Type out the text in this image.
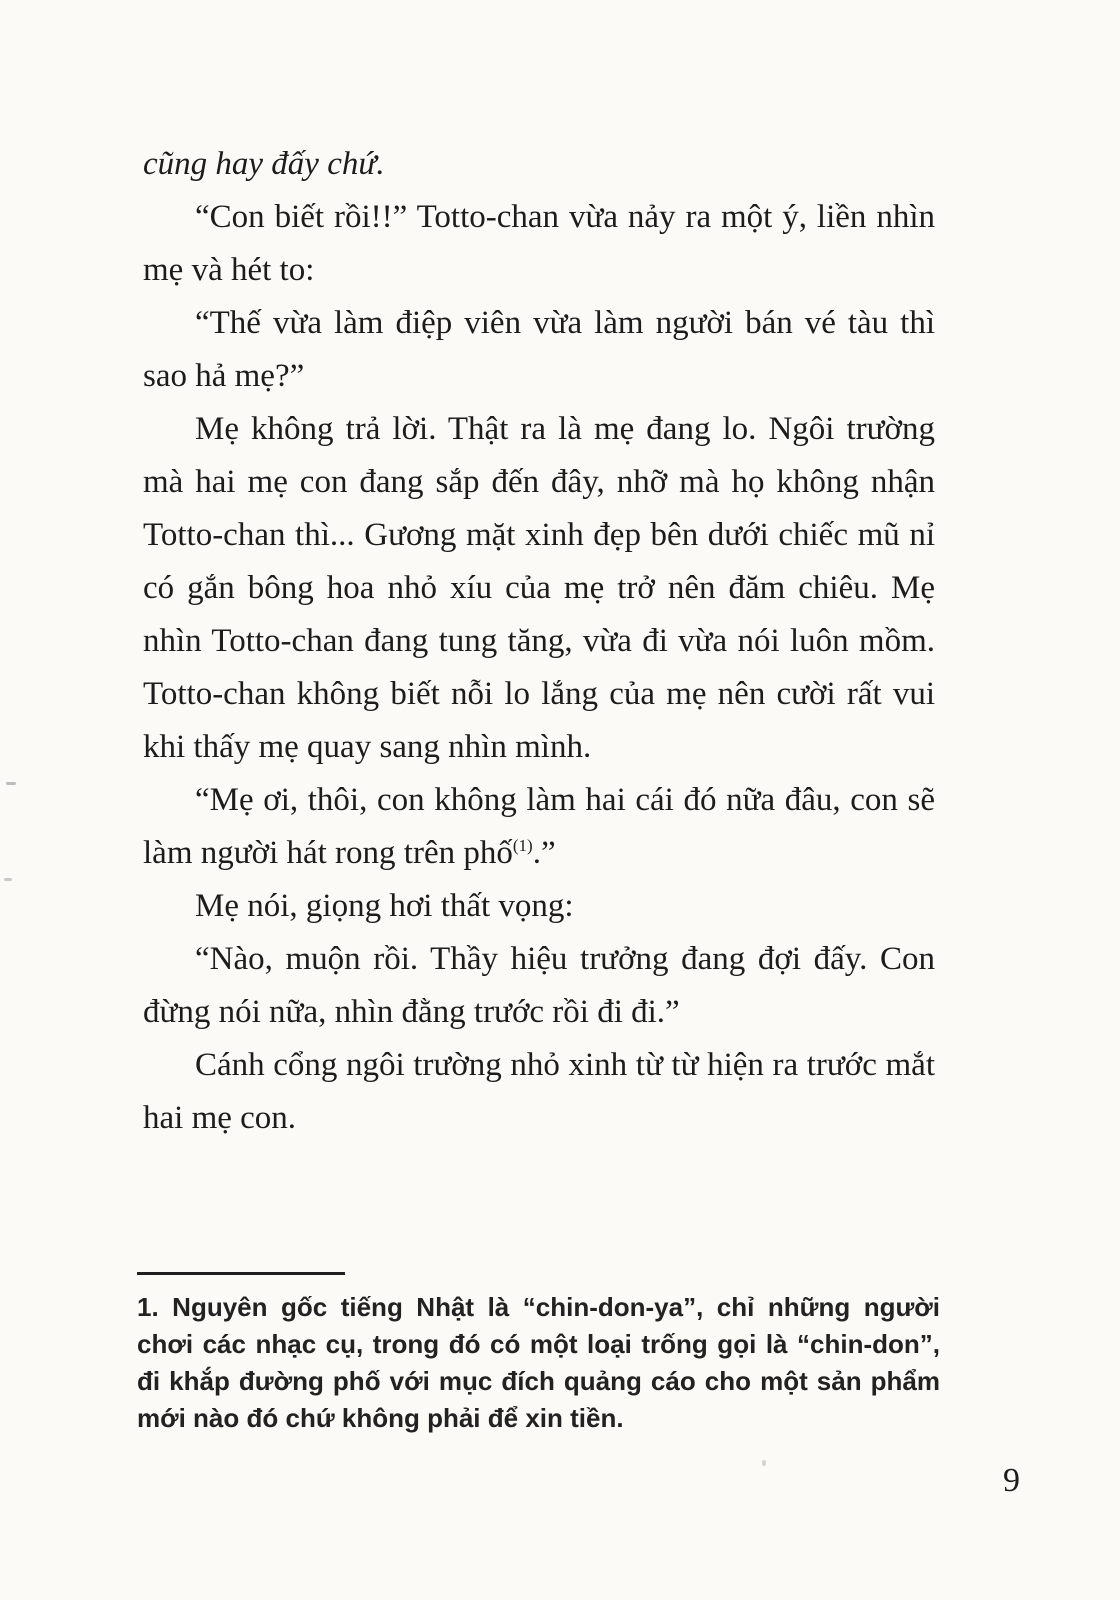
cũng hay đấy chứ.

“Con biết rồi!!” Totto-chan vừa nảy ra một ý, liền nhìn mẹ và hét to:

“Thế vừa làm điệp viên vừa làm người bán vé tàu thì sao hả mẹ?”

Mẹ không trả lời. Thật ra là mẹ đang lo. Ngôi trường mà hai mẹ con đang sắp đến đây, nhỡ mà họ không nhận Totto-chan thì... Gương mặt xinh đẹp bên dưới chiếc mũ nỉ có gắn bông hoa nhỏ xíu của mẹ trở nên đăm chiêu. Mẹ nhìn Totto-chan đang tung tăng, vừa đi vừa nói luôn mồm. Totto-chan không biết nỗi lo lắng của mẹ nên cười rất vui khi thấy mẹ quay sang nhìn mình.

“Mẹ ơi, thôi, con không làm hai cái đó nữa đâu, con sẽ làm người hát rong trên phố$^{(1)}$.”

Mẹ nói, giọng hơi thất vọng:

“Nào, muộn rồi. Thầy hiệu trưởng đang đợi đấy. Con đừng nói nữa, nhìn đằng trước rồi đi đi.”

Cánh cổng ngôi trường nhỏ xinh từ từ hiện ra trước mắt hai mẹ con.

1. Nguyên gốc tiếng Nhật là “chin-don-ya”, chỉ những người chơi các nhạc cụ, trong đó có một loại trống gọi là “chin-don”, đi khắp đường phố với mục đích quảng cáo cho một sản phẩm mới nào đó chứ không phải để xin tiền.

9
